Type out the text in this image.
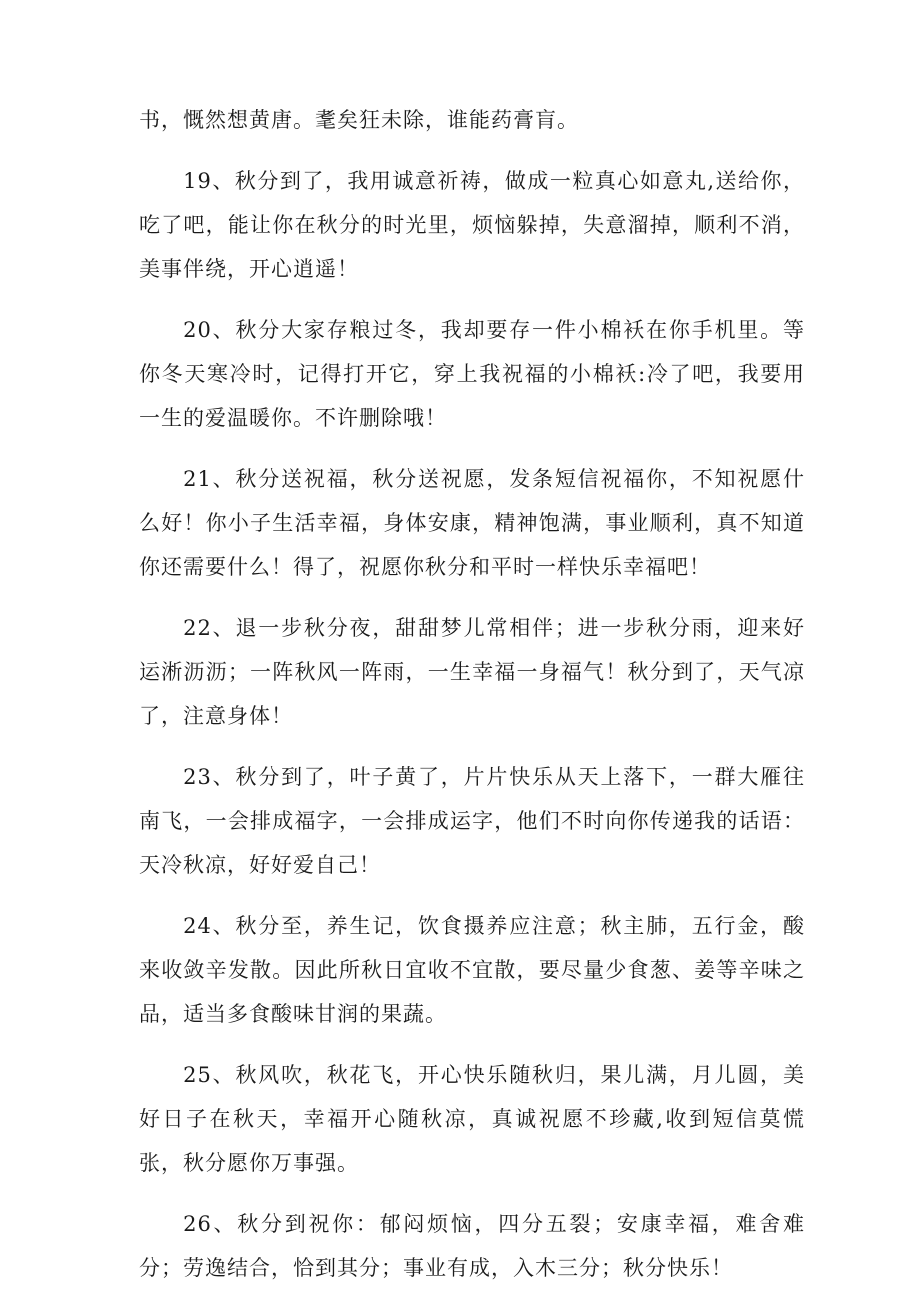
书，慨然想黄唐。耄矣狂未除，谁能药膏肓。

19、秋分到了，我用诚意祈祷，做成一粒真心如意丸,送给你，吃了吧，能让你在秋分的时光里，烦恼躲掉，失意溜掉，顺利不消，美事伴绕，开心逍遥！

20、秋分大家存粮过冬，我却要存一件小棉袄在你手机里。等你冬天寒冷时，记得打开它，穿上我祝福的小棉袄:冷了吧，我要用一生的爱温暖你。不许删除哦！

21、秋分送祝福，秋分送祝愿，发条短信祝福你，不知祝愿什么好！你小子生活幸福，身体安康，精神饱满，事业顺利，真不知道你还需要什么！得了，祝愿你秋分和平时一样快乐幸福吧！

22、退一步秋分夜，甜甜梦儿常相伴；进一步秋分雨，迎来好运淅沥沥；一阵秋风一阵雨，一生幸福一身福气！秋分到了，天气凉了，注意身体！

23、秋分到了，叶子黄了，片片快乐从天上落下，一群大雁往南飞，一会排成福字，一会排成运字，他们不时向你传递我的话语：天冷秋凉，好好爱自己！

24、秋分至，养生记，饮食摄养应注意；秋主肺，五行金，酸来收敛辛发散。因此所秋日宜收不宜散，要尽量少食葱、姜等辛味之品，适当多食酸味甘润的果蔬。

25、秋风吹，秋花飞，开心快乐随秋归，果儿满，月儿圆，美好日子在秋天，幸福开心随秋凉，真诚祝愿不珍藏,收到短信莫慌张，秋分愿你万事强。

26、秋分到祝你：郁闷烦恼，四分五裂；安康幸福，难舍难分；劳逸结合，恰到其分；事业有成，入木三分；秋分快乐！
